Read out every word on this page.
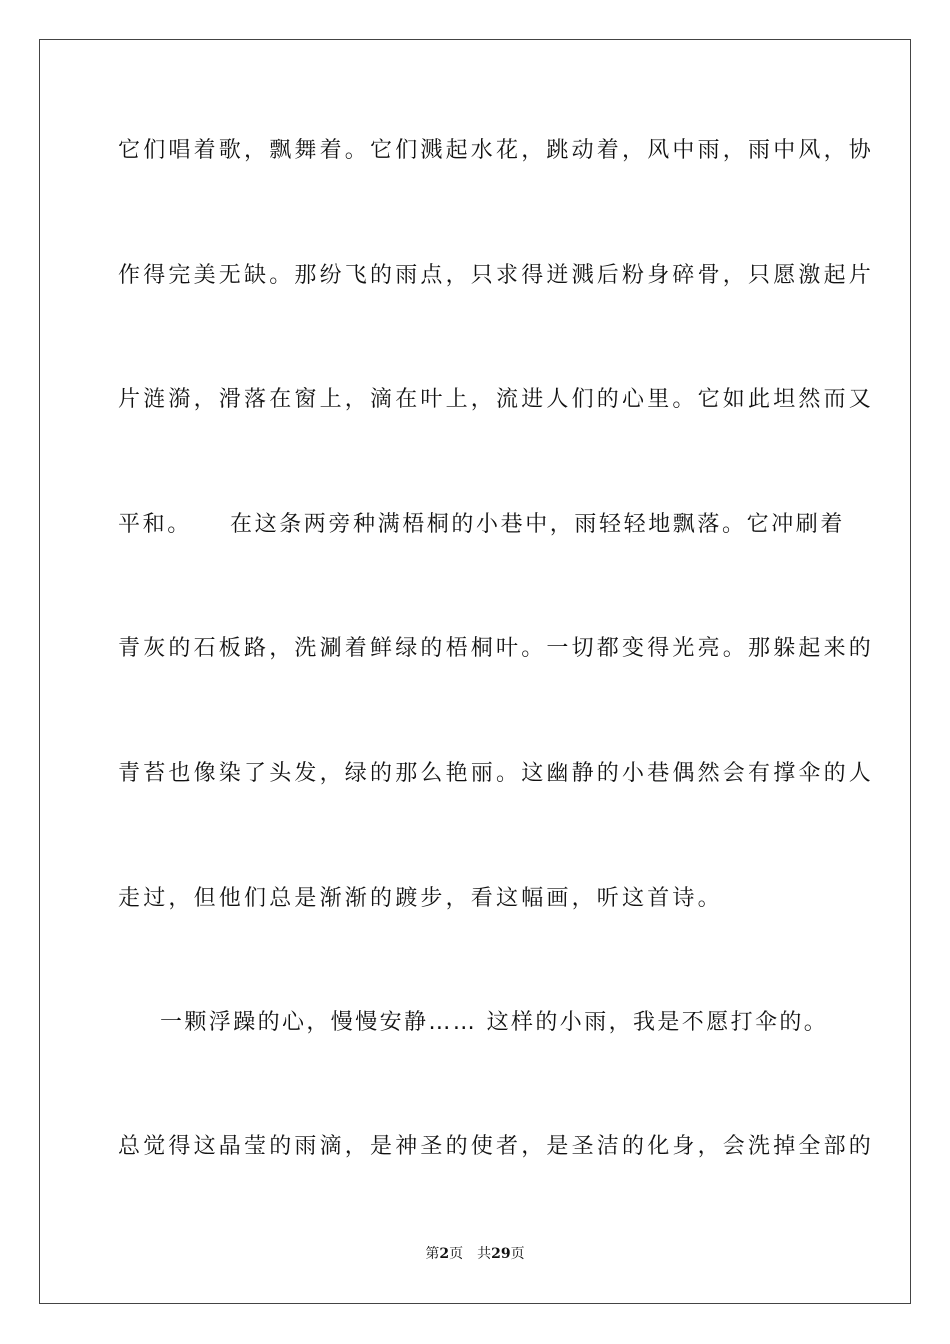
它们唱着歌，飘舞着。它们溅起水花，跳动着，风中雨，雨中风，协
作得完美无缺。那纷飞的雨点，只求得迸溅后粉身碎骨，只愿激起片
片涟漪，滑落在窗上，滴在叶上，流进人们的心里。它如此坦然而又
平和。　　在这条两旁种满梧桐的小巷中，雨轻轻地飘落。它冲刷着
青灰的石板路，洗涮着鲜绿的梧桐叶。一切都变得光亮。那躲起来的
青苔也像染了头发，绿的那么艳丽。这幽静的小巷偶然会有撑伞的人
走过，但他们总是渐渐的踱步，看这幅画，听这首诗。
一颗浮躁的心，慢慢安静…… 这样的小雨，我是不愿打伞的。
总觉得这晶莹的雨滴，是神圣的使者，是圣洁的化身，会洗掉全部的
第2页　共29页
